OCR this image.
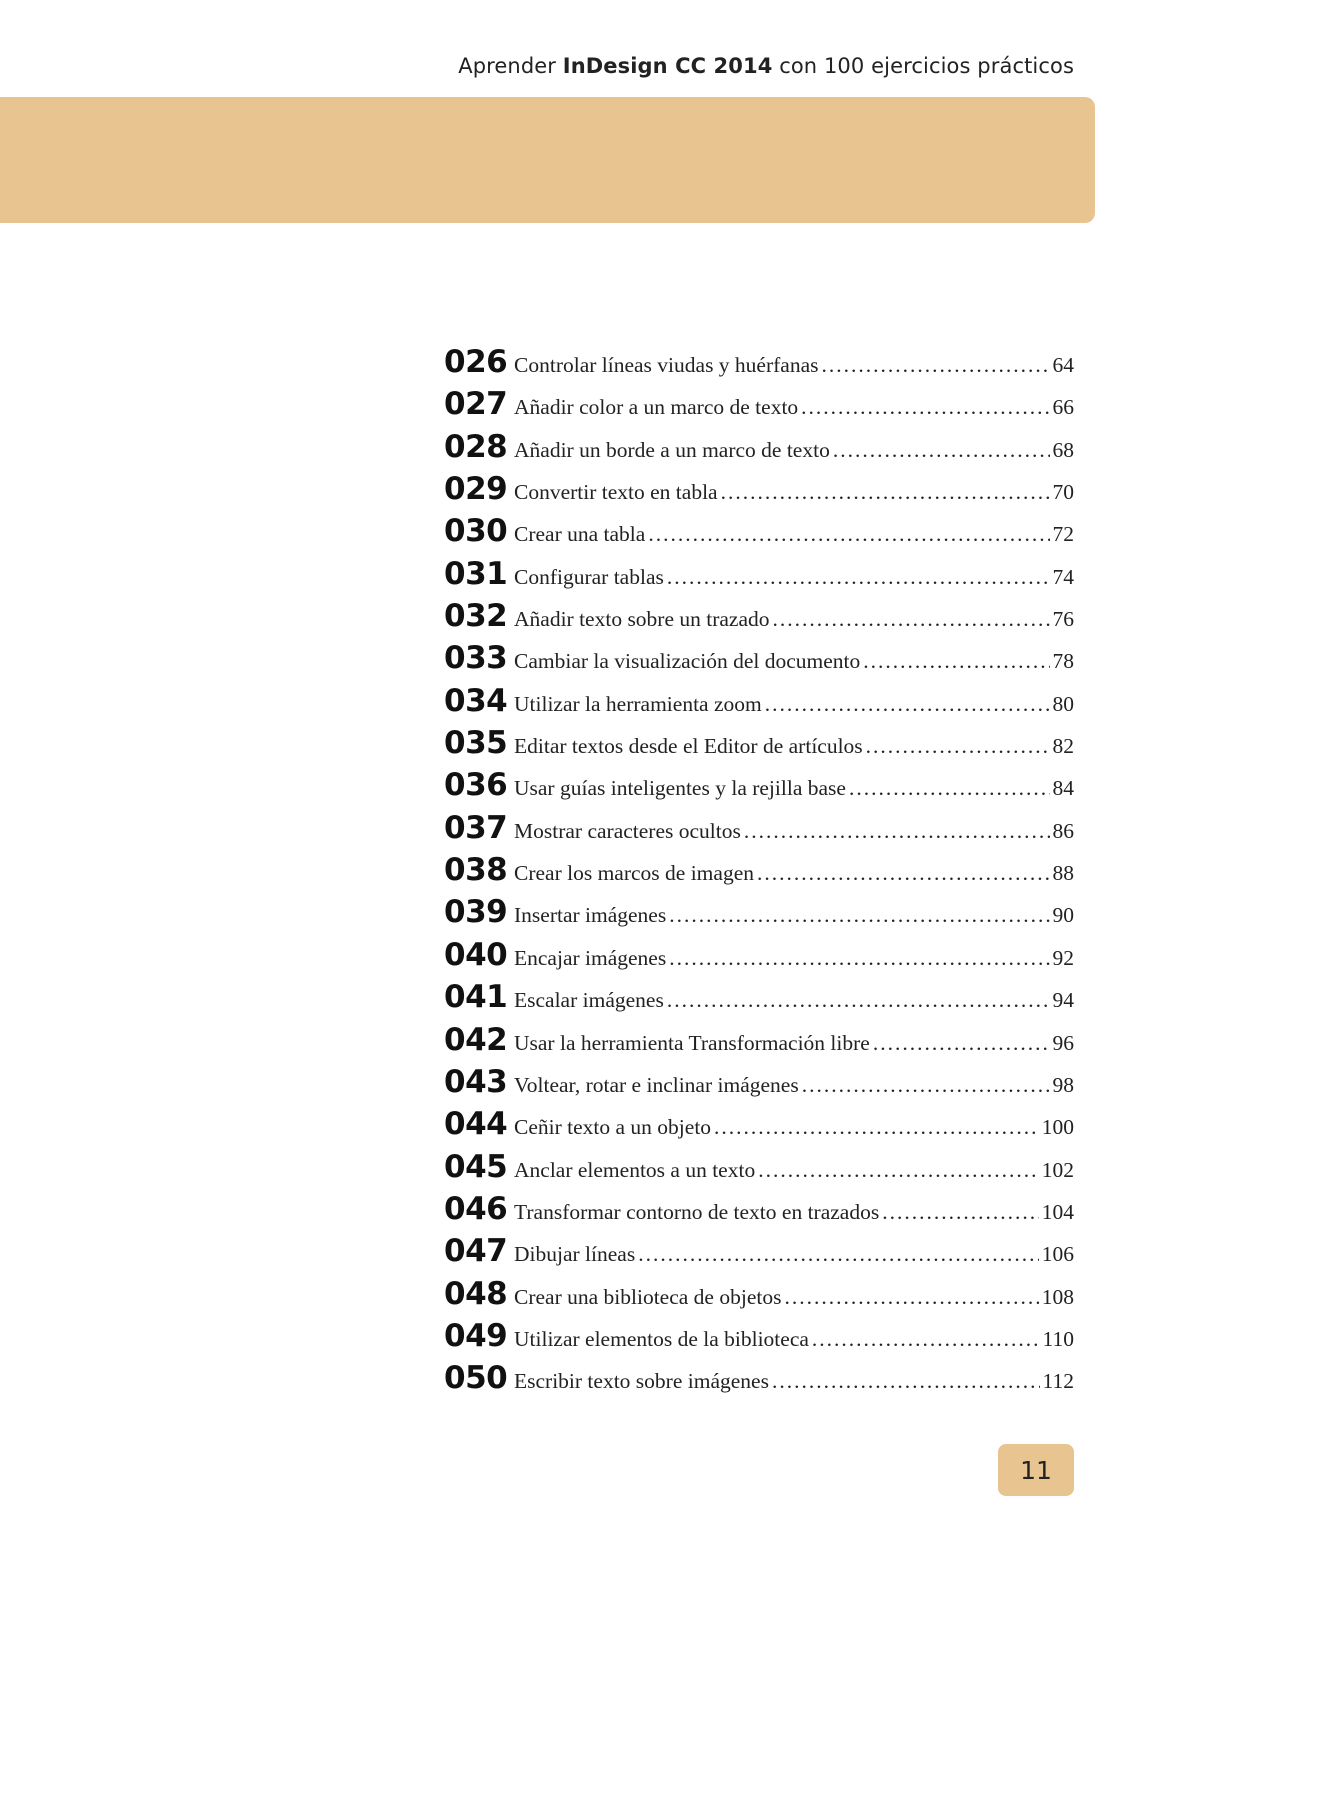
Aprender InDesign CC 2014 con 100 ejercicios prácticos
026 Controlar líneas viudas y huérfanas .....	64
027 Añadir color a un marco de texto .....	66
028 Añadir un borde a un marco de texto .....	68
029 Convertir texto en tabla .....	70
030 Crear una tabla .....	72
031 Configurar tablas .....	74
032 Añadir texto sobre un trazado .....	76
033 Cambiar la visualización del documento .....	78
034 Utilizar la herramienta zoom .....	80
035 Editar textos desde el Editor de artículos .....	82
036 Usar guías inteligentes y la rejilla base .....	84
037 Mostrar caracteres ocultos .....	86
038 Crear los marcos de imagen .....	88
039 Insertar imágenes .....	90
040 Encajar imágenes .....	92
041 Escalar imágenes .....	94
042 Usar la herramienta Transformación libre .....	96
043 Voltear, rotar e inclinar imágenes .....	98
044 Ceñir texto a un objeto .....	100
045 Anclar elementos a un texto .....	102
046 Transformar contorno de texto en trazados .....	104
047 Dibujar líneas .....	106
048 Crear una biblioteca de objetos .....	108
049 Utilizar elementos de la biblioteca .....	110
050 Escribir texto sobre imágenes .....	112
11
